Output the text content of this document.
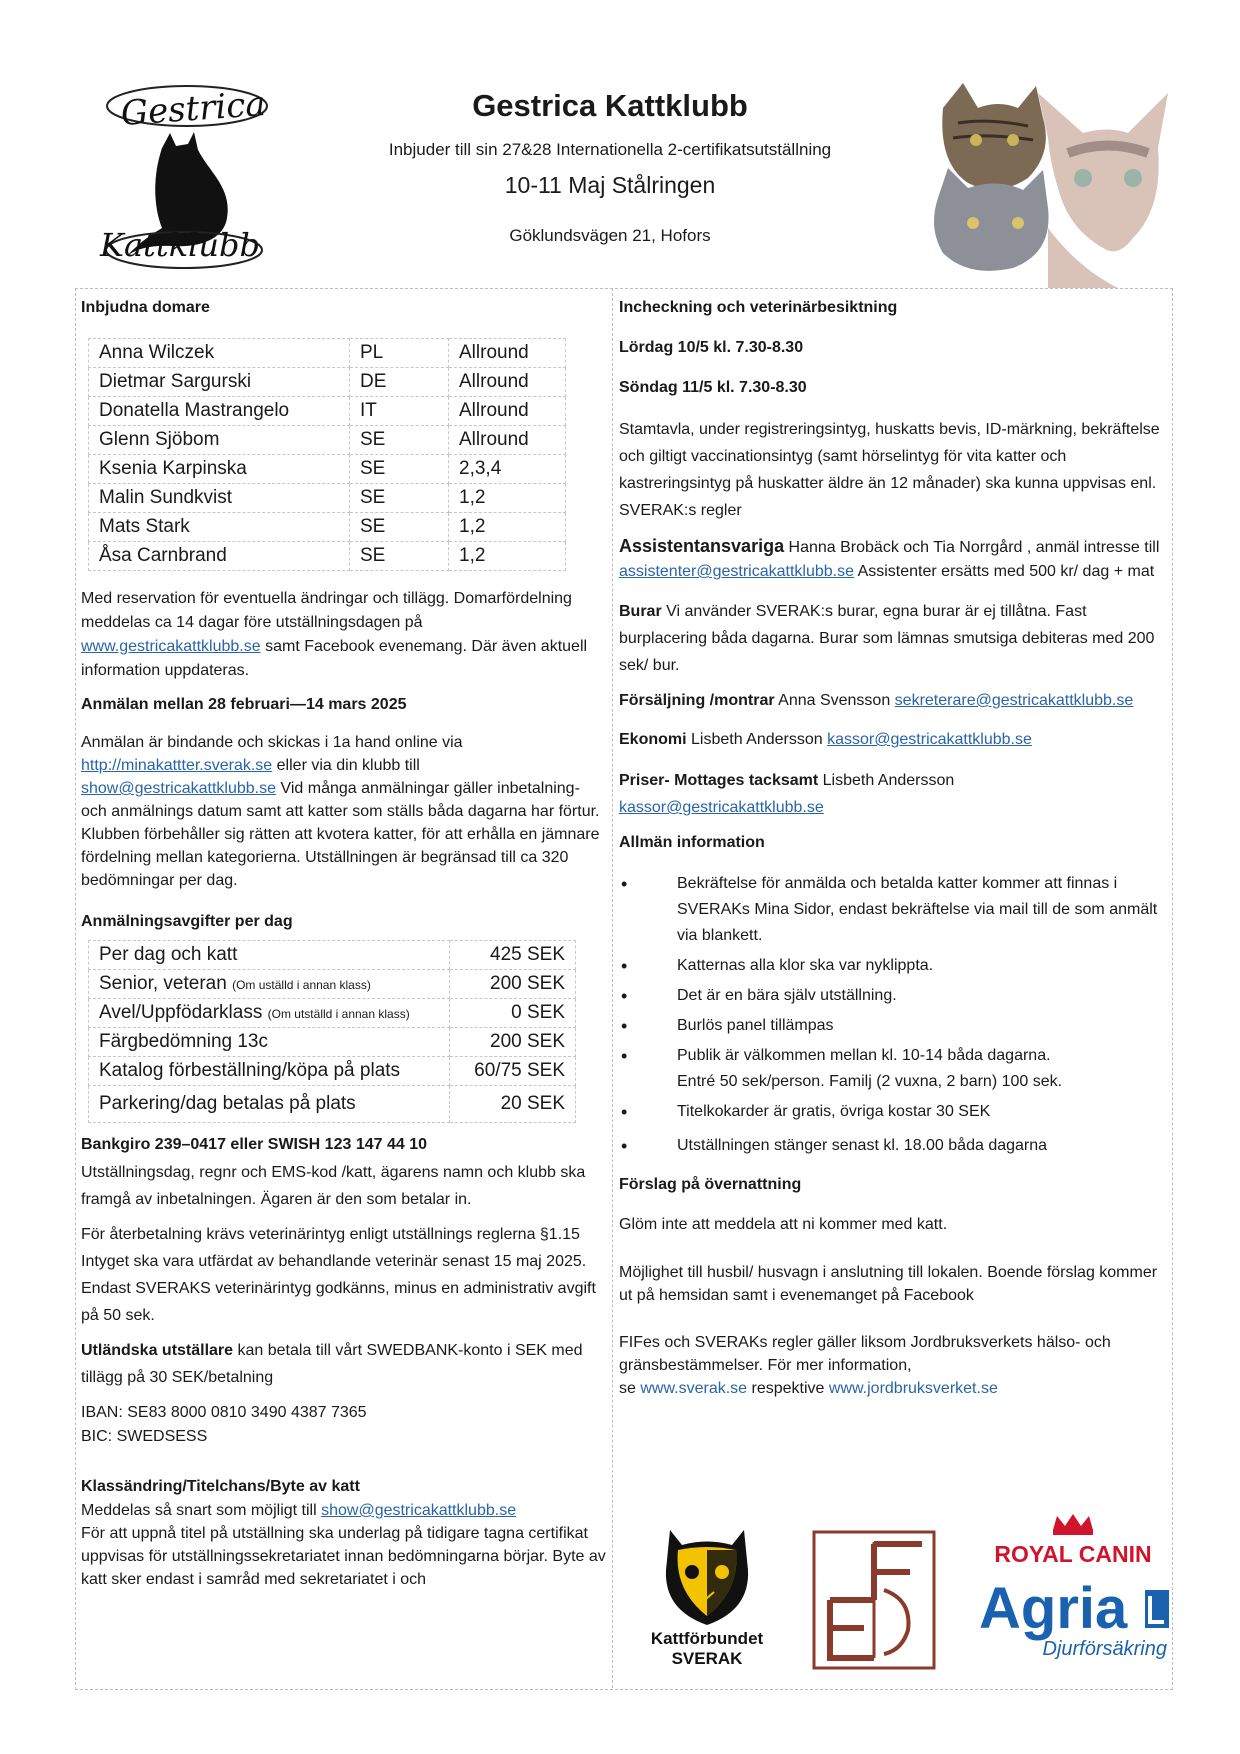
Gestrica
Kattklubb
Gestrica Kattklubb
Inbjuder till sin 27&28 Internationella 2-certifikatsutställning
10-11 Maj Stålringen
Göklundsvägen 21, Hofors
Inbjudna domare
Anna Wilczek	PL	Allround
Dietmar Sargurski	DE	Allround
Donatella Mastrangelo	IT	Allround
Glenn Sjöbom	SE	Allround
Ksenia Karpinska	SE	2,3,4
Malin Sundkvist	SE	1,2
Mats Stark	SE	1,2
Åsa Carnbrand	SE	1,2
Med reservation för eventuella ändringar och tillägg. Domarfördelning meddelas ca 14 dagar före utställningsdagen på www.gestricakattklubb.se samt Facebook evenemang. Där även aktuell information uppdateras.
Anmälan mellan 28 februari—14 mars 2025
Anmälan är bindande och skickas i 1a hand online via http://minakattter.sverak.se eller via din klubb till show@gestricakattklubb.se Vid många anmälningar gäller inbetalning- och anmälnings datum samt att katter som ställs båda dagarna har förtur. Klubben förbehåller sig rätten att kvotera katter, för att erhålla en jämnare fördelning mellan kategorierna. Utställningen är begränsad till ca 320 bedömningar per dag.
Anmälningsavgifter per dag
Per dag och katt	425 SEK
Senior, veteran (Om uställd i annan klass)	200 SEK
Avel/Uppfödarklass (Om utställd i annan klass)	0 SEK
Färgbedömning 13c	200 SEK
Katalog förbeställning/köpa på plats	60/75 SEK
Parkering/dag betalas på plats	20 SEK
Bankgiro 239–0417 eller SWISH 123 147 44 10
Utställningsdag, regnr och EMS-kod /katt, ägarens namn och klubb ska framgå av inbetalningen. Ägaren är den som betalar in.
För återbetalning krävs veterinärintyg enligt utställnings reglerna §1.15 Intyget ska vara utfärdat av behandlande veterinär senast 15 maj 2025. Endast SVERAKS veterinärintyg godkänns, minus en administrativ avgift på 50 sek.
Utländska utställare kan betala till vårt SWEDBANK-konto i SEK med tillägg på 30 SEK/betalning
IBAN: SE83 8000 0810 3490 4387 7365
BIC: SWEDSESS
Klassändring/Titelchans/Byte av katt
Meddelas så snart som möjligt till show@gestricakattklubb.se
För att uppnå titel på utställning ska underlag på tidigare tagna certifikat uppvisas för utställningssekretariatet innan bedömningarna börjar. Byte av katt sker endast i samråd med sekretariatet i och
Incheckning och veterinärbesiktning
Lördag 10/5 kl. 7.30-8.30
Söndag 11/5 kl. 7.30-8.30
Stamtavla, under registreringsintyg, huskatts bevis, ID-märkning, bekräftelse och giltigt vaccinationsintyg (samt hörselintyg för vita katter och kastreringsintyg på huskatter äldre än 12 månader) ska kunna uppvisas enl. SVERAK:s regler
Assistentansvariga Hanna Brobäck och Tia Norrgård , anmäl intresse till assistenter@gestricakattklubb.se Assistenter ersätts med 500 kr/ dag + mat
Burar Vi använder SVERAK:s burar, egna burar är ej tillåtna. Fast burplacering båda dagarna. Burar som lämnas smutsiga debiteras med 200 sek/ bur.
Försäljning /montrar Anna Svensson sekreterare@gestricakattklubb.se
Ekonomi Lisbeth Andersson kassor@gestricakattklubb.se
Priser- Mottages tacksamt Lisbeth Andersson
kassor@gestricakattklubb.se
Allmän information
• Bekräftelse för anmälda och betalda katter kommer att finnas i SVERAKs Mina Sidor, endast bekräftelse via mail till de som anmält via blankett.
• Katternas alla klor ska var nyklippta.
• Det är en bära själv utställning.
• Burlös panel tillämpas
• Publik är välkommen mellan kl. 10-14 båda dagarna.
Entré 50 sek/person. Familj (2 vuxna, 2 barn) 100 sek.
• Titelkokarder är gratis, övriga kostar 30 SEK
• Utställningen stänger senast kl. 18.00 båda dagarna
Förslag på övernattning
Glöm inte att meddela att ni kommer med katt.
Möjlighet till husbil/ husvagn i anslutning till lokalen. Boende förslag kommer ut på hemsidan samt i evenemanget på Facebook
FIFes och SVERAKs regler gäller liksom Jordbruksverkets hälso- och gränsbestämmelser. För mer information,
se www.sverak.se respektive www.jordbruksverket.se
Kattförbundet
SVERAK
ROYAL CANIN
Agria
Djurförsäkring
